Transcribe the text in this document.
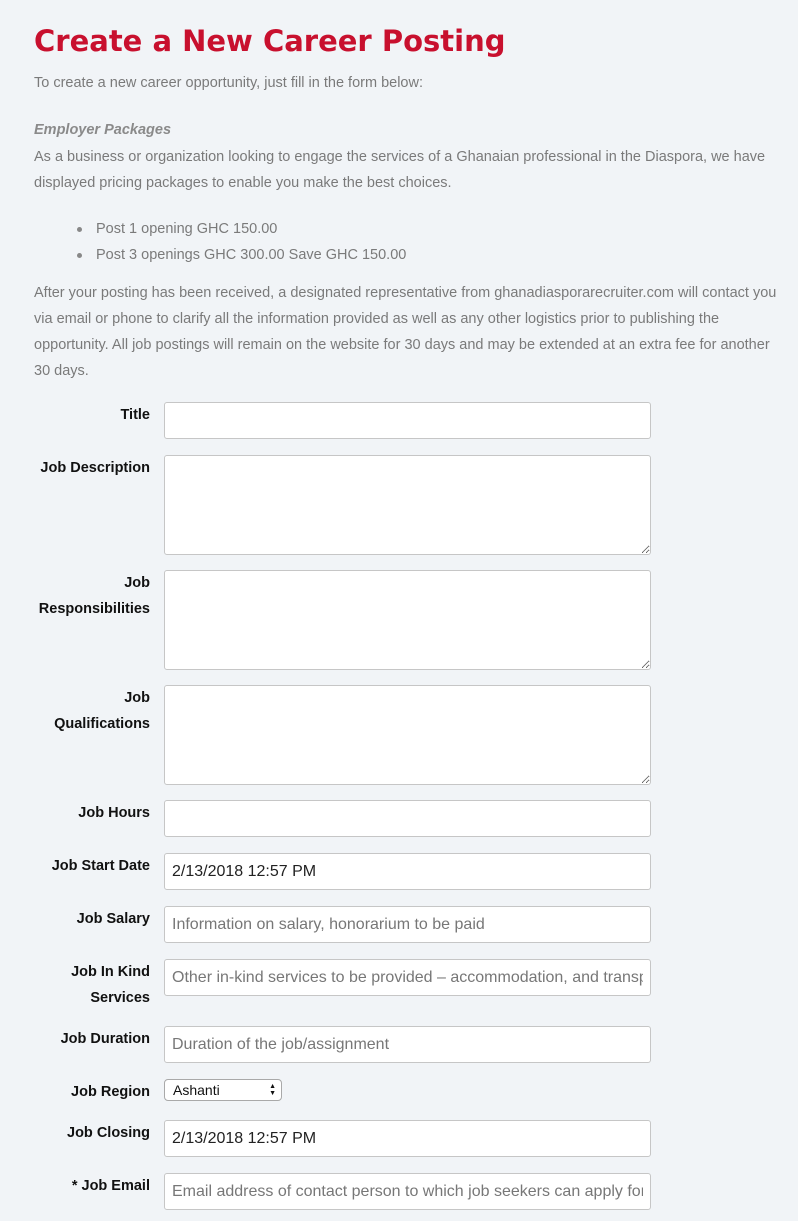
Create a New Career Posting
To create a new career opportunity, just fill in the form below:
Employer Packages
As a business or organization looking to engage the services of a Ghanaian professional in the Diaspora, we have displayed pricing packages to enable you make the best choices.
Post 1 opening GHC 150.00
Post 3 openings GHC 300.00 Save GHC 150.00
After your posting has been received, a designated representative from ghanadiasporarecruiter.com will contact you via email or phone to clarify all the information provided as well as any other logistics prior to publishing the opportunity. All job postings will remain on the website for 30 days and may be extended at an extra fee for another 30 days.
Title
Job Description
Job
Responsibilities
Job
Qualifications
Job Hours
Job Start Date
2/13/2018 12:57 PM
Job Salary
Information on salary, honorarium to be paid
Job In Kind
Services
Other in-kind services to be provided – accommodation, and transportation
Job Duration
Duration of the job/assignment
Job Region	Ashanti	▲
▼
Job Closing
2/13/2018 12:57 PM
* Job Email
Email address of contact person to which job seekers can apply for the position
